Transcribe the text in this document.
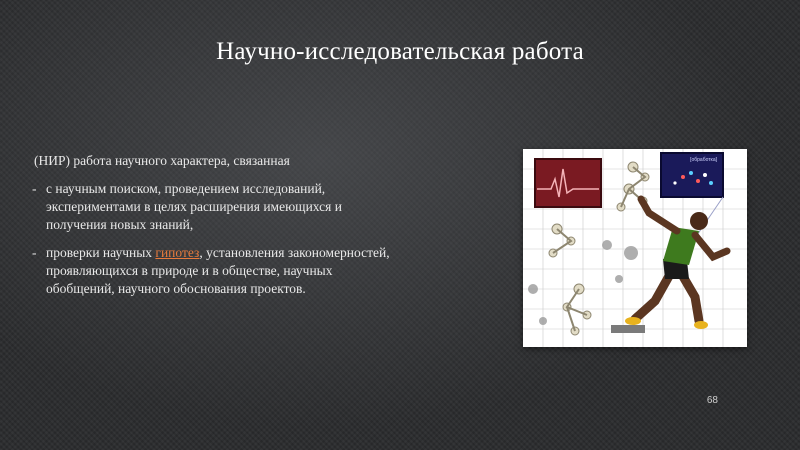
Научно-исследовательская работа
(НИР) работа научного характера, связанная
- с научным поиском, проведением исследований, экспериментами в целях расширения имеющихся и получения новых знаний,
- проверки научных гипотез, установления закономерностей, проявляющихся в природе и в обществе, научных обобщений, научного обоснования проектов.
[обработка]
68
